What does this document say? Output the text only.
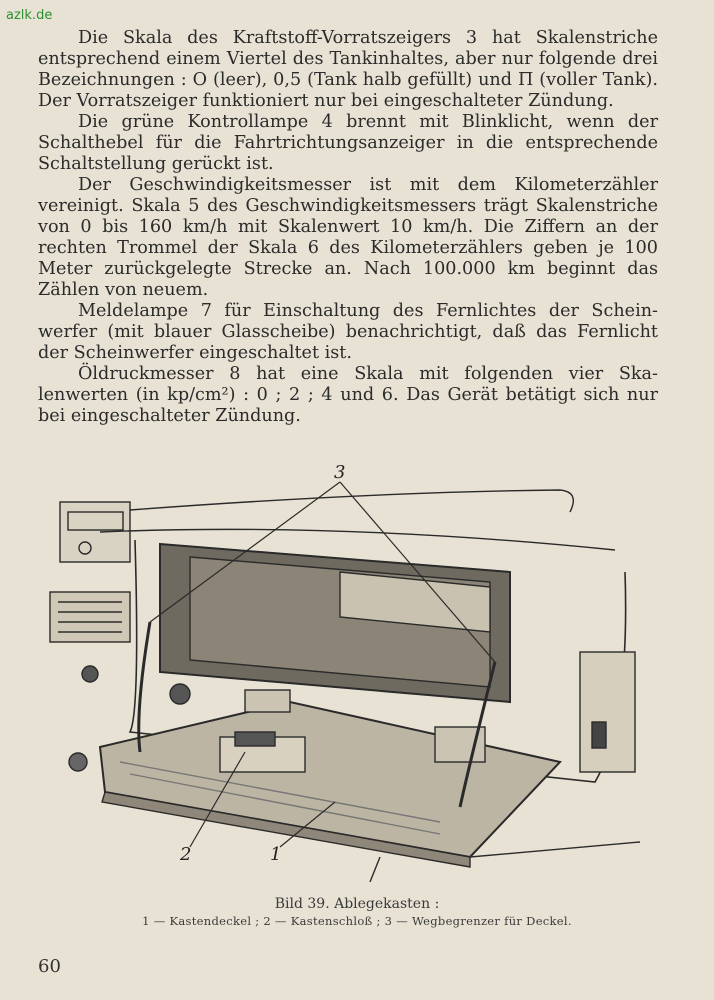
azlk.de

Die Skala des Kraftstoff-Vorratszeigers 3 hat Skalenstriche entsprechend einem Viertel des Tankinhaltes, aber nur folgende drei Bezeichnungen : O (leer), 0,5 (Tank halb gefüllt) und П (voller Tank). Der Vorratszeiger funktioniert nur bei eingeschalteter Zündung.

Die grüne Kontrollampe 4 brennt mit Blinklicht, wenn der Schalthebel für die Fahrtrichtungsanzeiger in die entsprechende Schaltstellung gerückt ist.

Der Geschwindigkeitsmesser ist mit dem Kilometerzähler vereinigt. Skala 5 des Geschwindigkeitsmessers trägt Skalenstriche von 0 bis 160 km/h mit Skalenwert 10 km/h. Die Ziffern an der rechten Trommel der Skala 6 des Kilometerzählers geben je 100 Meter zurückgelegte Strecke an. Nach 100.000 km beginnt das Zählen von neuem.

Meldelampe 7 für Einschaltung des Fernlichtes der Scheinwerfer (mit blauer Glasscheibe) benachrichtigt, daß das Fernlicht der Scheinwerfer eingeschaltet ist.

Öldruckmesser 8 hat eine Skala mit folgenden vier Skalenwerten (in kp/cm²) : 0 ; 2 ; 4 und 6. Das Gerät betätigt sich nur bei eingeschalteter Zündung.

3
2	1
Bild 39. Ablegekasten :
1 — Kastendeckel ; 2 — Kastenschloß ; 3 — Wegbegrenzer für Deckel.
60
